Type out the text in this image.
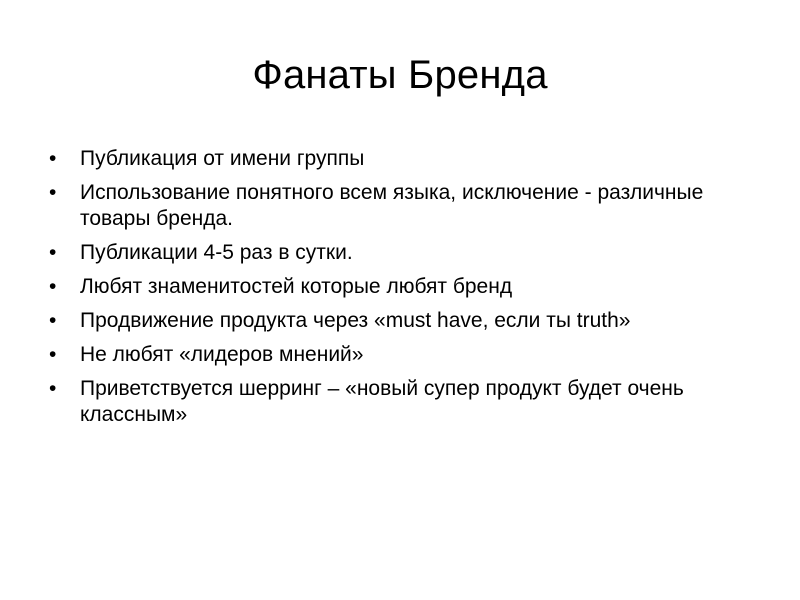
Фанаты Бренда
• Публикация от имени группы
• Использование понятного всем языка, исключение - различные товары бренда.
• Публикации 4-5 раз в сутки.
• Любят знаменитостей которые любят бренд
• Продвижение продукта через «must have, если ты truth»
• Не любят «лидеров мнений»
• Приветствуется шерринг – «новый супер продукт будет очень классным»
